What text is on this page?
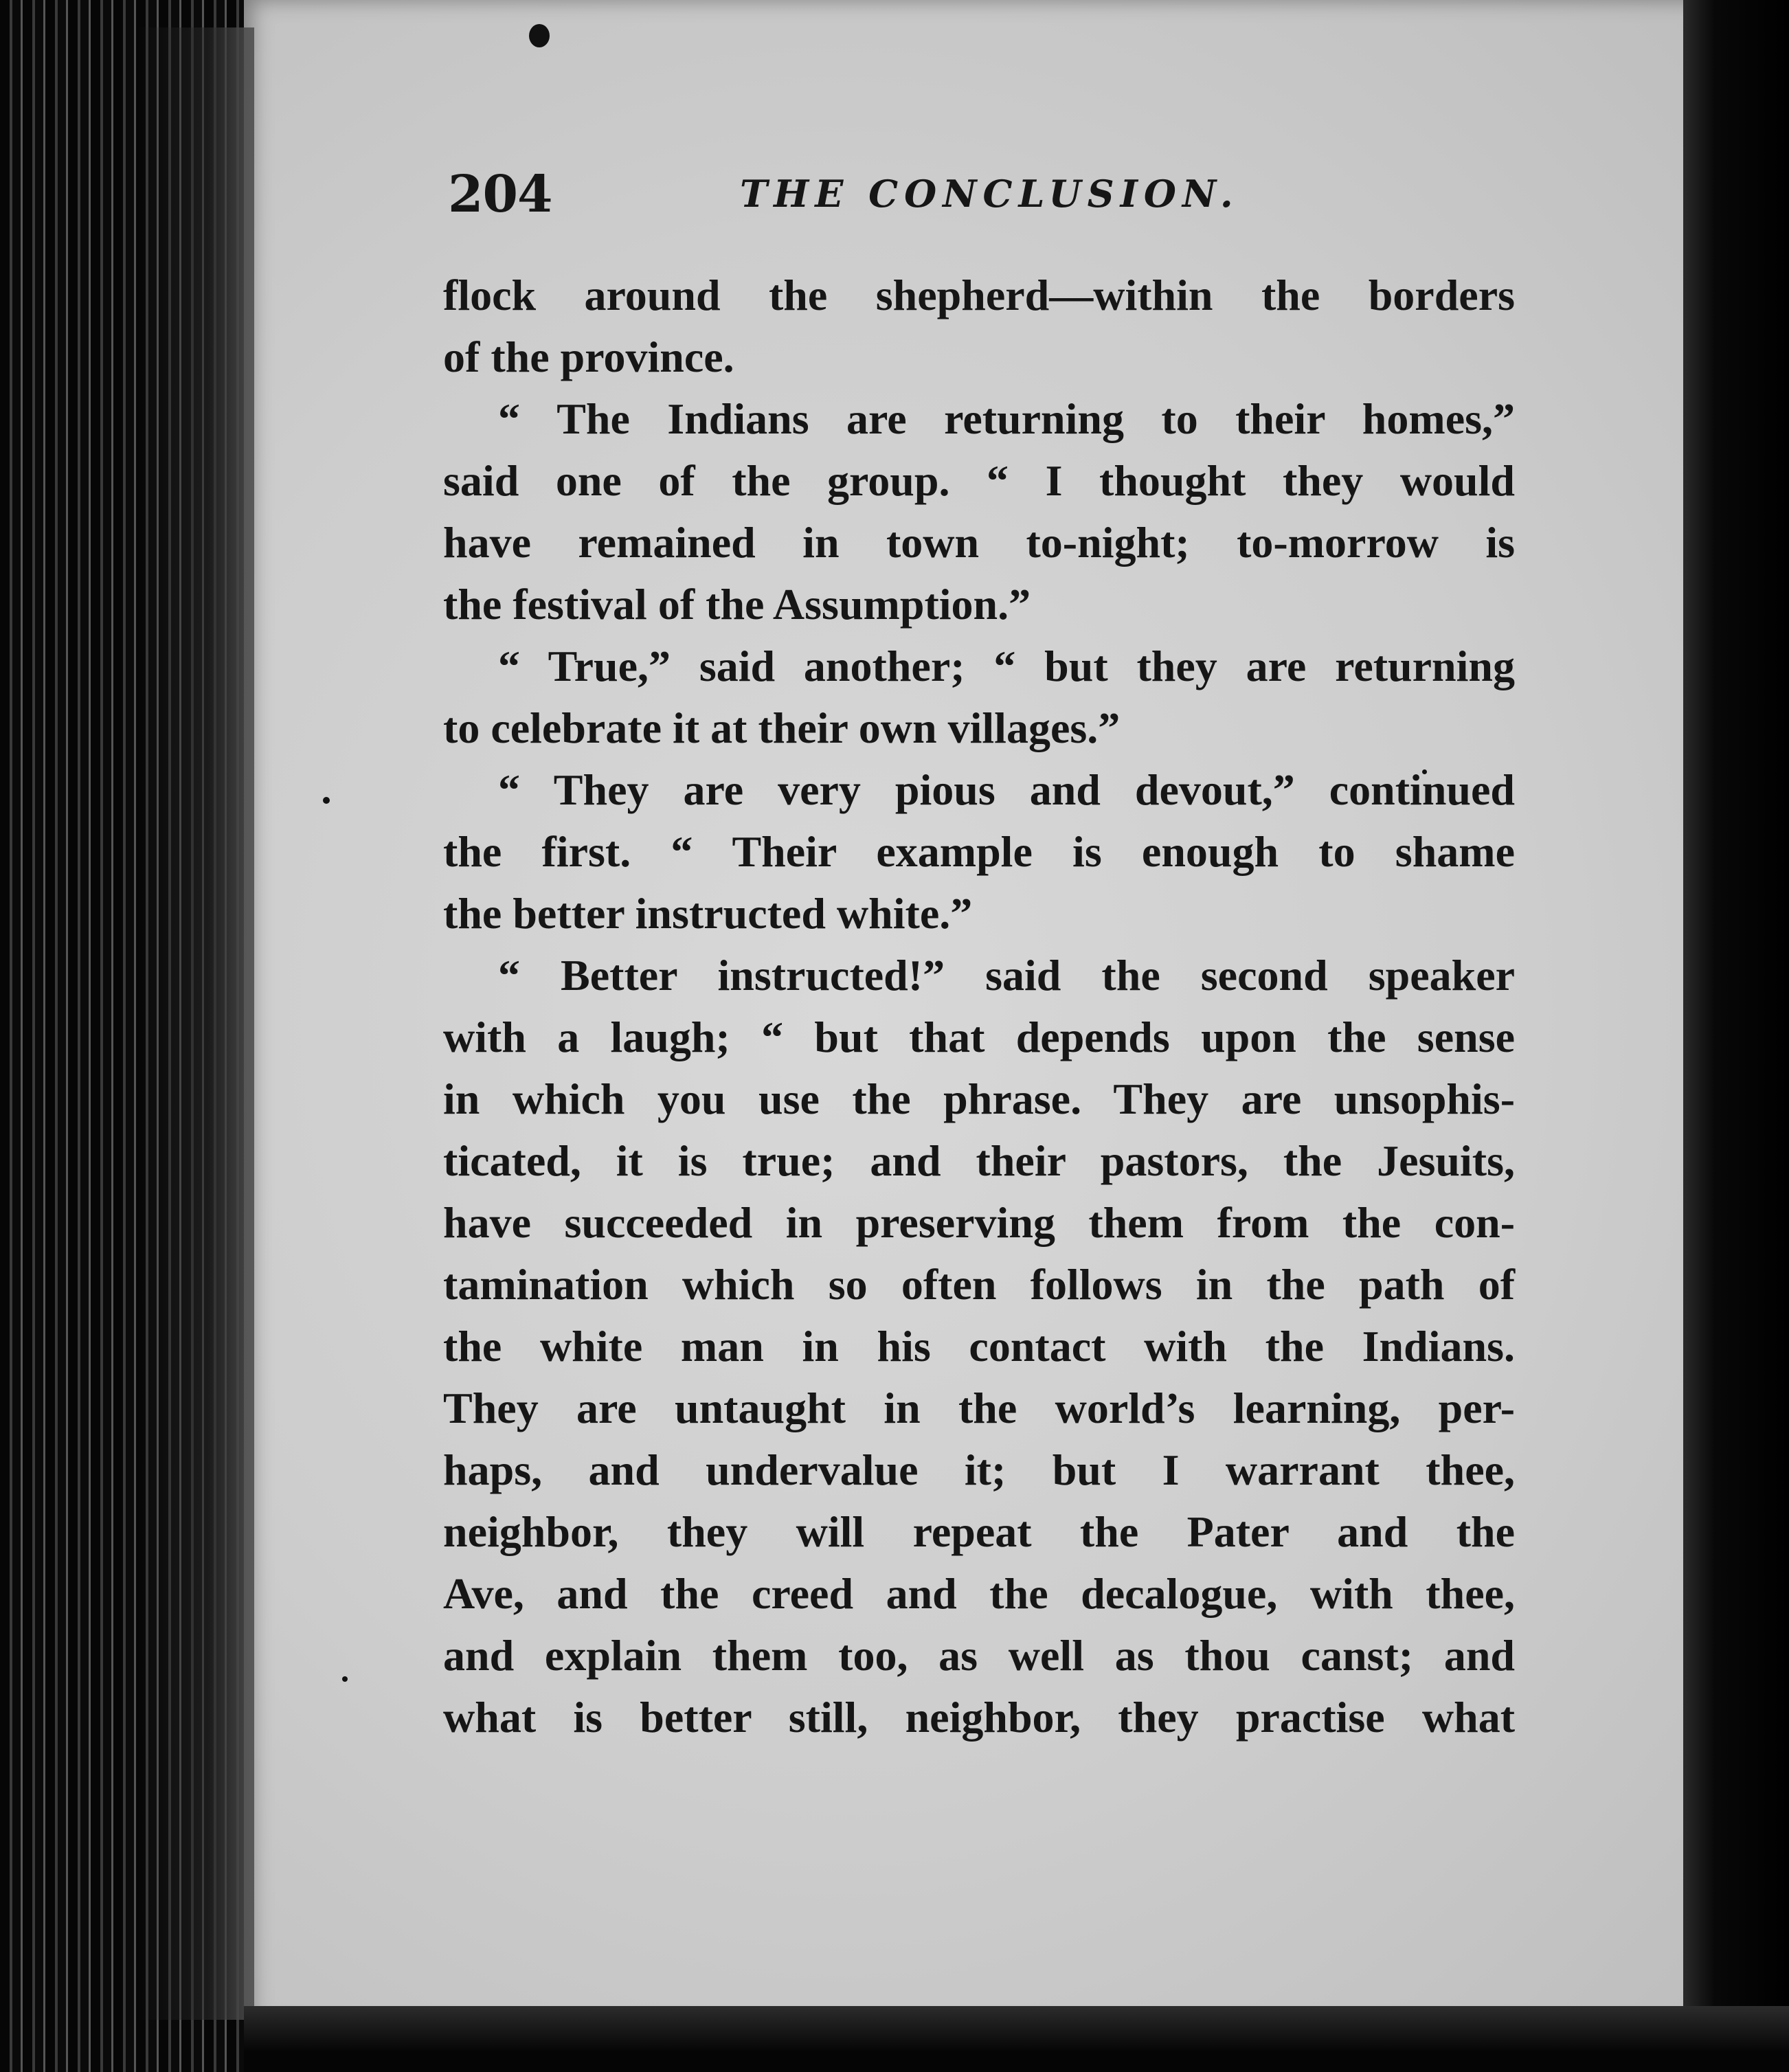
204	THE CONCLUSION.

flock around the shepherd—within the borders

of the province.

“ The Indians are returning to their homes,”

said one of the group. “ I thought they would

have remained in town to-night; to-morrow is

the festival of the Assumption.”

“ True,” said another; “ but they are returning

to celebrate it at their own villages.”

“ They are very pious and devout,” continued

the first. “ Their example is enough to shame

the better instructed white.”

“ Better instructed!” said the second speaker

with a laugh; “ but that depends upon the sense

in which you use the phrase. They are unsophis-

ticated, it is true; and their pastors, the Jesuits,

have succeeded in preserving them from the con-

tamination which so often follows in the path of

the white man in his contact with the Indians.

They are untaught in the world’s learning, per-

haps, and undervalue it; but I warrant thee,

neighbor, they will repeat the Pater and the

Ave, and the creed and the decalogue, with thee,

and explain them too, as well as thou canst; and

what is better still, neighbor, they practise what
